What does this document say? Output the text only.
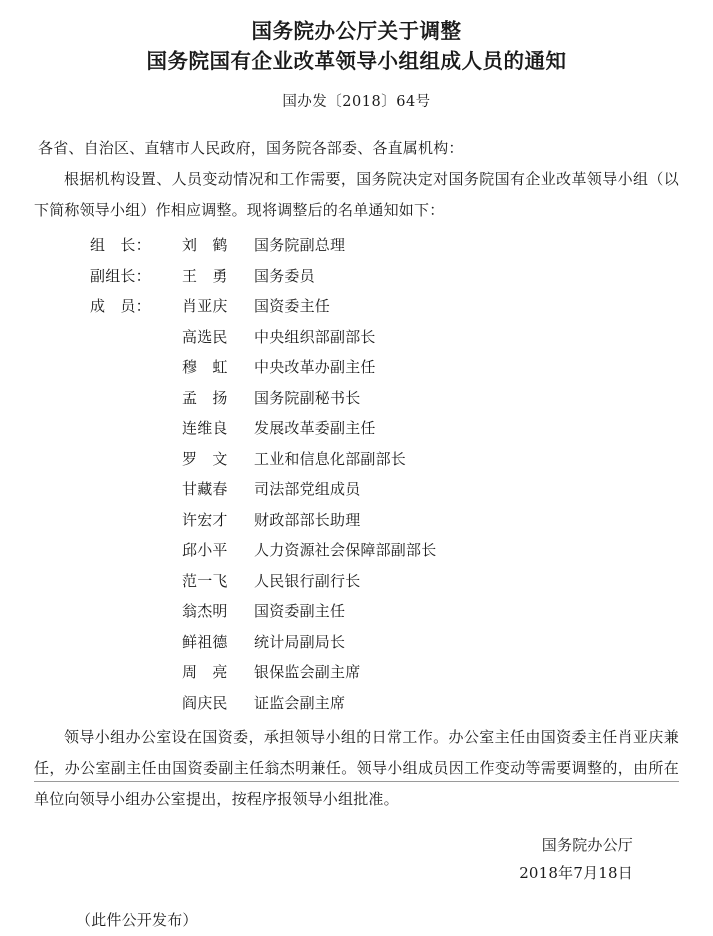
国务院办公厅关于调整
国务院国有企业改革领导小组组成人员的通知
国办发〔2018〕64号
各省、自治区、直辖市人民政府，国务院各部委、各直属机构：

根据机构设置、人员变动情况和工作需要，国务院决定对国务院国有企业改革领导小组（以下简称领导小组）作相应调整。现将调整后的名单通知如下：

组　长：	刘　鹤	国务院副总理
副组长：	王　勇	国务委员
成　员：	肖亚庆	国资委主任
高选民	中央组织部副部长
穆　虹	中央改革办副主任
孟　扬	国务院副秘书长
连维良	发展改革委副主任
罗　文	工业和信息化部副部长
甘藏春	司法部党组成员
许宏才	财政部部长助理
邱小平	人力资源社会保障部副部长
范一飞	人民银行副行长
翁杰明	国资委副主任
鲜祖德	统计局副局长
周　亮	银保监会副主席
阎庆民	证监会副主席

领导小组办公室设在国资委，承担领导小组的日常工作。办公室主任由国资委主任肖亚庆兼任，办公室副主任由国资委副主任翁杰明兼任。领导小组成员因工作变动等需要调整的，由所在单位向领导小组办公室提出，按程序报领导小组批准。

国务院办公厅
2018年7月18日
（此件公开发布）
